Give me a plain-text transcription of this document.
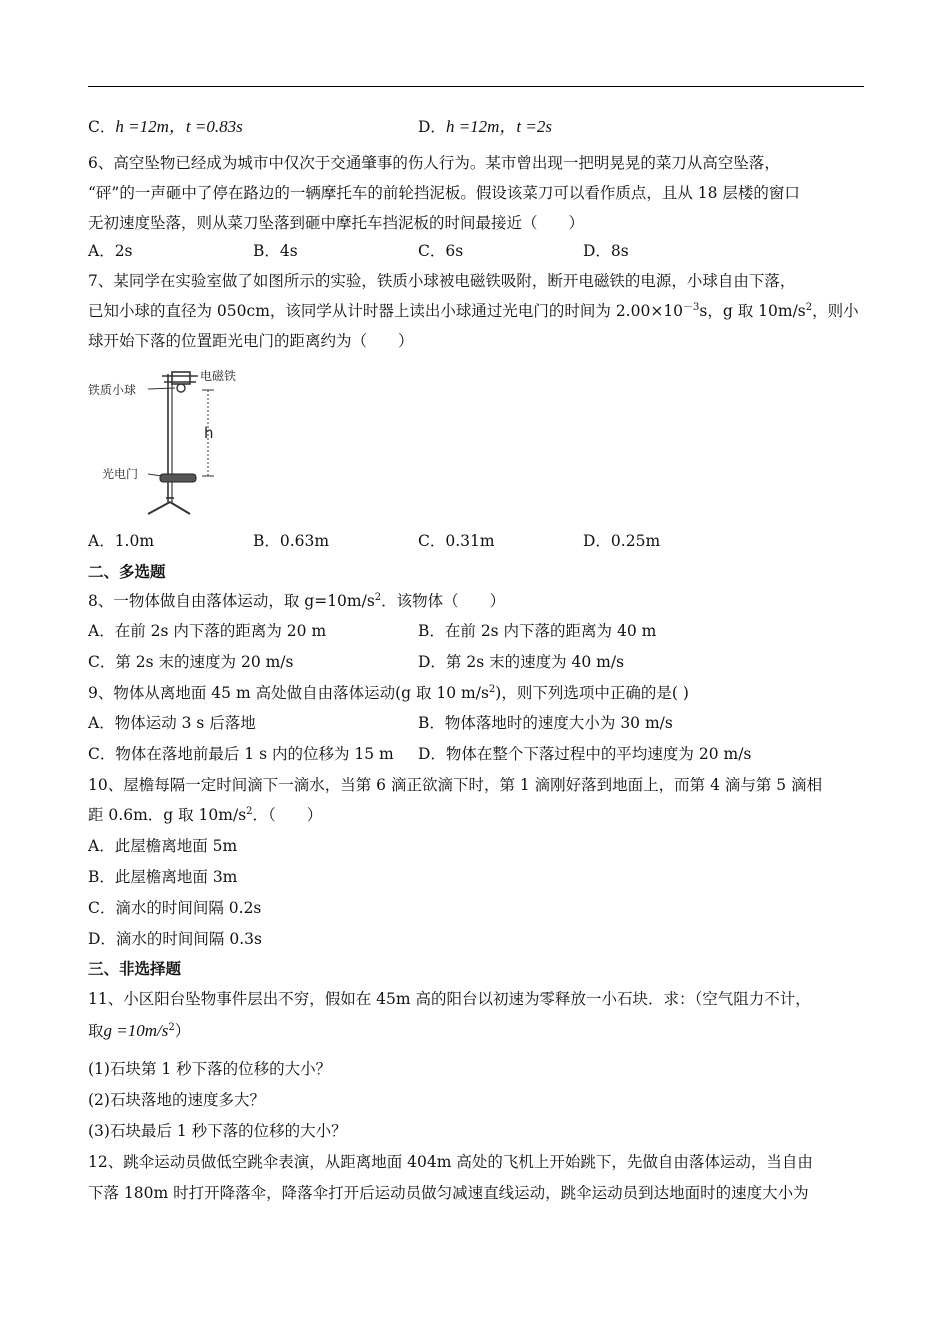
C．h =12m，t =0.83s	D．h =12m，t =2s
6、高空坠物已经成为城市中仅次于交通肇事的伤人行为。某市曾出现一把明晃晃的菜刀从高空坠落，
“砰”的一声砸中了停在路边的一辆摩托车的前轮挡泥板。假设该菜刀可以看作质点，且从 18 层楼的窗口
无初速度坠落，则从菜刀坠落到砸中摩托车挡泥板的时间最接近（　　）
A．2s	B．4s	C．6s	D．8s
7、某同学在实验室做了如图所示的实验，铁质小球被电磁铁吸附，断开电磁铁的电源，小球自由下落，
已知小球的直径为 050cm，该同学从计时器上读出小球通过光电门的时间为 $2.00\times 10^{-3}s$，g 取 $10m/s^2$，则小
球开始下落的位置距光电门的距离约为（　　）
电磁铁
铁质小球
h
光电门
A．1.0m	B．0.63m	C．0.31m	D．0.25m
二、多选题
8、一物体做自由落体运动，取 $g=10m/s^2$．该物体（　　）
A．在前 2s 内下落的距离为 20 m	B．在前 2s 内下落的距离为 40 m
C．第 2s 末的速度为 20 m/s	D．第 2s 末的速度为 40 m/s
9、物体从离地面 45 m 高处做自由落体运动(g 取 10 $m/s^2$)，则下列选项中正确的是( )
A．物体运动 3 s 后落地	B．物体落地时的速度大小为 30 m/s
C．物体在落地前最后 1 s 内的位移为 15 m D．物体在整个下落过程中的平均速度为 20 m/s
10、屋檐每隔一定时间滴下一滴水，当第 6 滴正欲滴下时，第 1 滴刚好落到地面上，而第 4 滴与第 5 滴相
距 0.6m．g 取 $10m/s^2$．（　　）
A．此屋檐离地面 5m
B．此屋檐离地面 3m
C．滴水的时间间隔 0.2s
D．滴水的时间间隔 0.3s
三、非选择题
11、小区阳台坠物事件层出不穷，假如在 45m 高的阳台以初速为零释放一小石块．求：（空气阻力不计，
取$g =10m/s^2$）
(1)石块第 1 秒下落的位移的大小？
(2)石块落地的速度多大？
(3)石块最后 1 秒下落的位移的大小？
12、跳伞运动员做低空跳伞表演，从距离地面 404m 高处的飞机上开始跳下，先做自由落体运动，当自由
下落 180m 时打开降落伞，降落伞打开后运动员做匀减速直线运动，跳伞运动员到达地面时的速度大小为
